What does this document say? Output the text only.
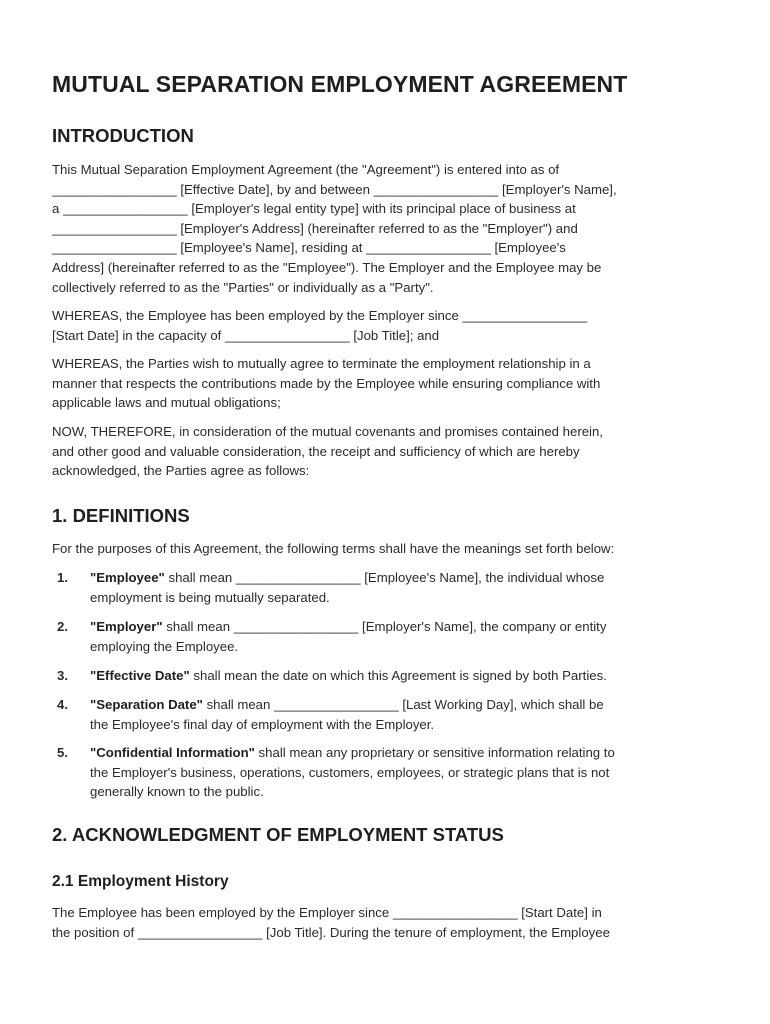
MUTUAL SEPARATION EMPLOYMENT AGREEMENT
INTRODUCTION

This Mutual Separation Employment Agreement (the "Agreement") is entered into as of
_________________ [Effective Date], by and between _________________ [Employer's Name],
a _________________ [Employer's legal entity type] with its principal place of business at
_________________ [Employer's Address] (hereinafter referred to as the "Employer") and
_________________ [Employee's Name], residing at _________________ [Employee's
Address] (hereinafter referred to as the "Employee"). The Employer and the Employee may be
collectively referred to as the "Parties" or individually as a "Party".

WHEREAS, the Employee has been employed by the Employer since _________________
[Start Date] in the capacity of _________________ [Job Title]; and

WHEREAS, the Parties wish to mutually agree to terminate the employment relationship in a
manner that respects the contributions made by the Employee while ensuring compliance with
applicable laws and mutual obligations;

NOW, THEREFORE, in consideration of the mutual covenants and promises contained herein,
and other good and valuable consideration, the receipt and sufficiency of which are hereby
acknowledged, the Parties agree as follows:

1. DEFINITIONS

For the purposes of this Agreement, the following terms shall have the meanings set forth below:

1. "Employee" shall mean _________________ [Employee's Name], the individual whose
employment is being mutually separated.
2. "Employer" shall mean _________________ [Employer's Name], the company or entity
employing the Employee.
3. "Effective Date" shall mean the date on which this Agreement is signed by both Parties.
4. "Separation Date" shall mean _________________ [Last Working Day], which shall be
the Employee's final day of employment with the Employer.
5. "Confidential Information" shall mean any proprietary or sensitive information relating to
the Employer's business, operations, customers, employees, or strategic plans that is not
generally known to the public.
2. ACKNOWLEDGMENT OF EMPLOYMENT STATUS
2.1 Employment History

The Employee has been employed by the Employer since _________________ [Start Date] in
the position of _________________ [Job Title]. During the tenure of employment, the Employee
